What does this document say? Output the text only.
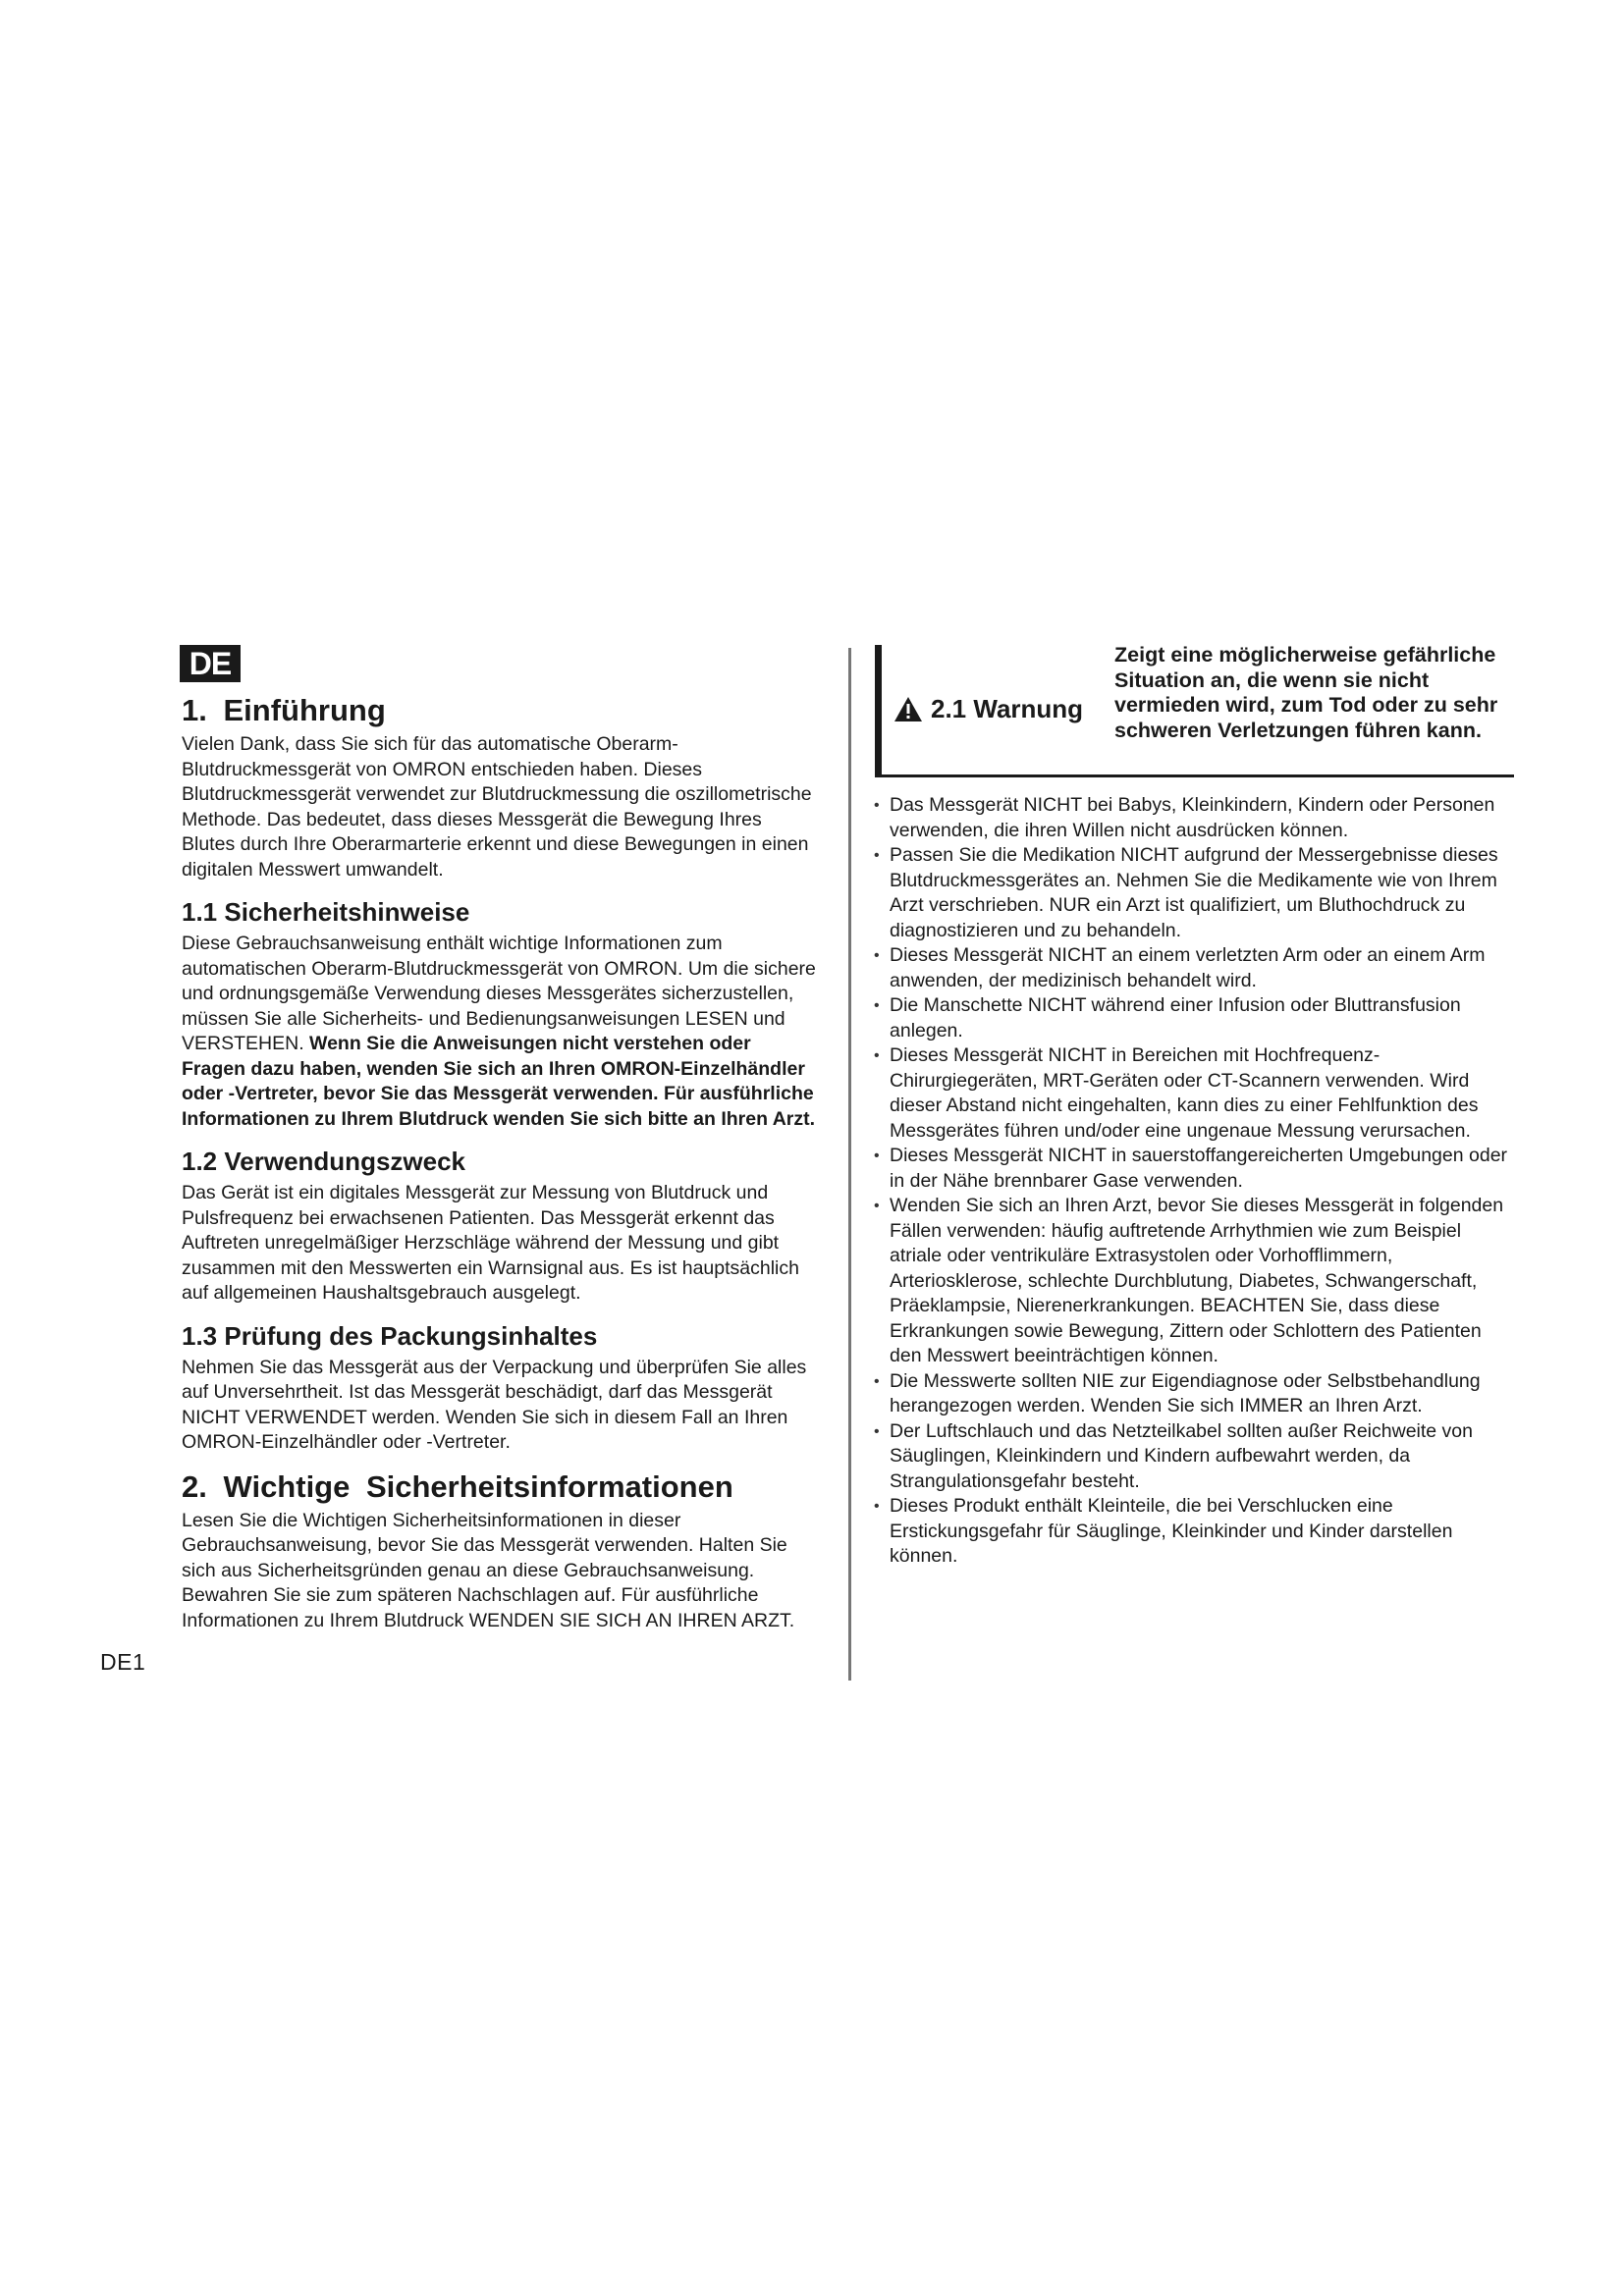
DE
1. Einführung

Vielen Dank, dass Sie sich für das automatische Oberarm-Blutdruckmessgerät von OMRON entschieden haben. Dieses Blutdruckmessgerät verwendet zur Blutdruckmessung die oszillometrische Methode. Das bedeutet, dass dieses Messgerät die Bewegung Ihres Blutes durch Ihre Oberarmarterie erkennt und diese Bewegungen in einen digitalen Messwert umwandelt.

1.1 Sicherheitshinweise

Diese Gebrauchsanweisung enthält wichtige Informationen zum automatischen Oberarm-Blutdruckmessgerät von OMRON. Um die sichere und ordnungsgemäße Verwendung dieses Messgerätes sicherzustellen, müssen Sie alle Sicherheits- und Bedienungsanweisungen LESEN und VERSTEHEN. Wenn Sie die Anweisungen nicht verstehen oder Fragen dazu haben, wenden Sie sich an Ihren OMRON-Einzelhändler oder -Vertreter, bevor Sie das Messgerät verwenden. Für ausführliche Informationen zu Ihrem Blutdruck wenden Sie sich bitte an Ihren Arzt.

1.2 Verwendungszweck

Das Gerät ist ein digitales Messgerät zur Messung von Blutdruck und Pulsfrequenz bei erwachsenen Patienten. Das Messgerät erkennt das Auftreten unregelmäßiger Herzschläge während der Messung und gibt zusammen mit den Messwerten ein Warnsignal aus. Es ist hauptsächlich auf allgemeinen Haushaltsgebrauch ausgelegt.

1.3 Prüfung des Packungsinhaltes

Nehmen Sie das Messgerät aus der Verpackung und überprüfen Sie alles auf Unversehrtheit. Ist das Messgerät beschädigt, darf das Messgerät NICHT VERWENDET werden. Wenden Sie sich in diesem Fall an Ihren OMRON-Einzelhändler oder -Vertreter.

2. Wichtige Sicherheitsinformationen

Lesen Sie die Wichtigen Sicherheitsinformationen in dieser Gebrauchsanweisung, bevor Sie das Messgerät verwenden. Halten Sie sich aus Sicherheitsgründen genau an diese Gebrauchsanweisung. Bewahren Sie sie zum späteren Nachschlagen auf. Für ausführliche Informationen zu Ihrem Blutdruck WENDEN SIE SICH AN IHREN ARZT.

2.1 Warnung
Zeigt eine möglicherweise gefährliche Situation an, die wenn sie nicht vermieden wird, zum Tod oder zu sehr schweren Verletzungen führen kann.
• Das Messgerät NICHT bei Babys, Kleinkindern, Kindern oder Personen verwenden, die ihren Willen nicht ausdrücken können.
• Passen Sie die Medikation NICHT aufgrund der Messergebnisse dieses Blutdruckmessgerätes an. Nehmen Sie die Medikamente wie von Ihrem Arzt verschrieben. NUR ein Arzt ist qualifiziert, um Bluthochdruck zu diagnostizieren und zu behandeln.
• Dieses Messgerät NICHT an einem verletzten Arm oder an einem Arm anwenden, der medizinisch behandelt wird.
• Die Manschette NICHT während einer Infusion oder Bluttransfusion anlegen.
• Dieses Messgerät NICHT in Bereichen mit Hochfrequenz-Chirurgiegeräten, MRT-Geräten oder CT-Scannern verwenden. Wird dieser Abstand nicht eingehalten, kann dies zu einer Fehlfunktion des Messgerätes führen und/oder eine ungenaue Messung verursachen.
• Dieses Messgerät NICHT in sauerstoffangereicherten Umgebungen oder in der Nähe brennbarer Gase verwenden.
• Wenden Sie sich an Ihren Arzt, bevor Sie dieses Messgerät in folgenden Fällen verwenden: häufig auftretende Arrhythmien wie zum Beispiel atriale oder ventrikuläre Extrasystolen oder Vorhofflimmern, Arteriosklerose, schlechte Durchblutung, Diabetes, Schwangerschaft, Präeklampsie, Nierenerkrankungen. BEACHTEN Sie, dass diese Erkrankungen sowie Bewegung, Zittern oder Schlottern des Patienten den Messwert beeinträchtigen können.
• Die Messwerte sollten NIE zur Eigendiagnose oder Selbstbehandlung herangezogen werden. Wenden Sie sich IMMER an Ihren Arzt.
• Der Luftschlauch und das Netzteilkabel sollten außer Reichweite von Säuglingen, Kleinkindern und Kindern aufbewahrt werden, da Strangulationsgefahr besteht.
• Dieses Produkt enthält Kleinteile, die bei Verschlucken eine Erstickungsgefahr für Säuglinge, Kleinkinder und Kinder darstellen können.
DE1
